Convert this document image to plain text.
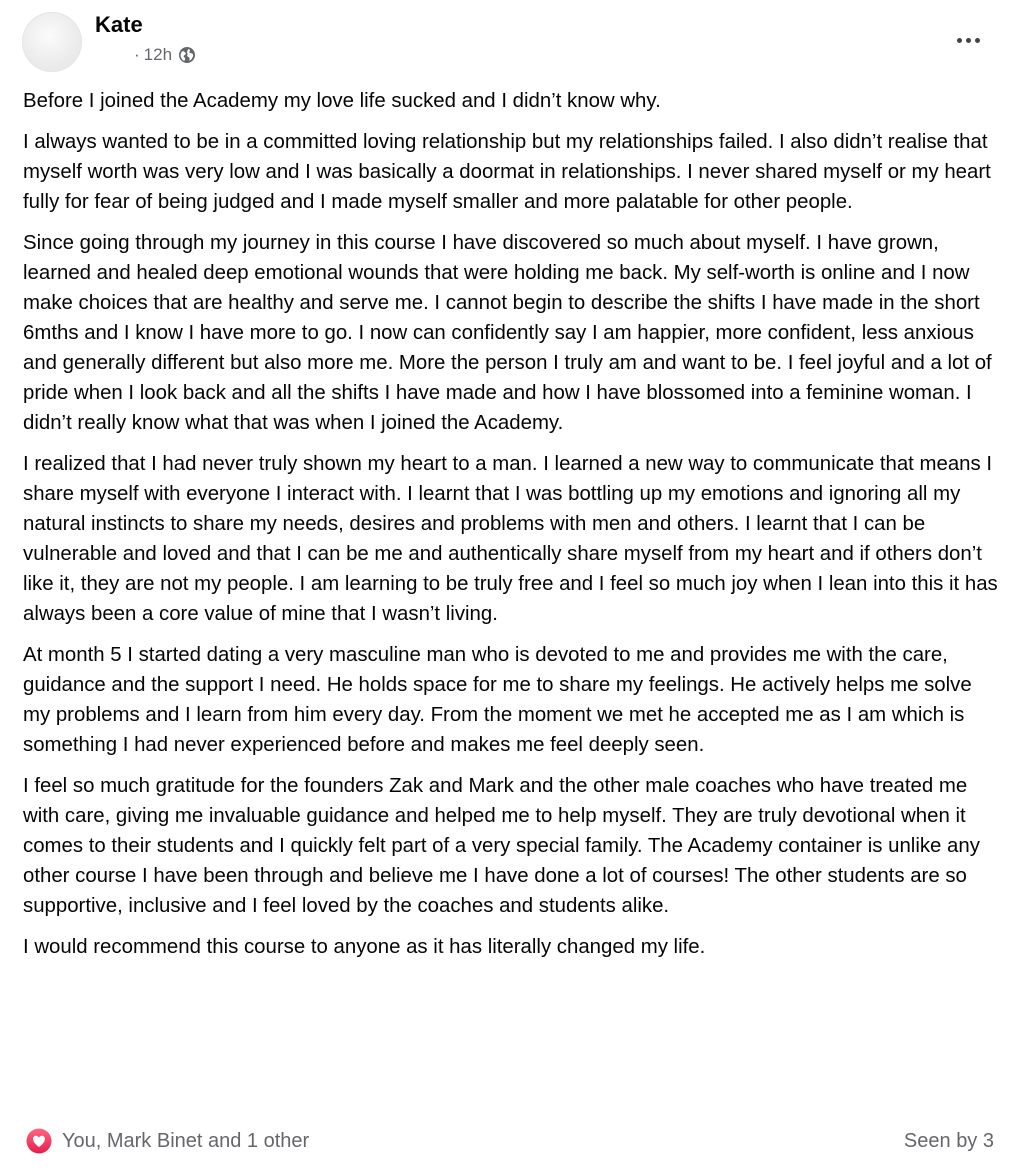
Kate
· 12h

Before I joined the Academy my love life sucked and I didn’t know why.

I always wanted to be in a committed loving relationship but my relationships failed. I also didn’t realise that myself worth was very low and I was basically a doormat in relationships. I never shared myself or my heart fully for fear of being judged and I made myself smaller and more palatable for other people.

Since going through my journey in this course I have discovered so much about myself. I have grown, learned and healed deep emotional wounds that were holding me back. My self-worth is online and I now make choices that are healthy and serve me. I cannot begin to describe the shifts I have made in the short 6mths and I know I have more to go. I now can confidently say I am happier, more confident, less anxious and generally different but also more me. More the person I truly am and want to be. I feel joyful and a lot of pride when I look back and all the shifts I have made and how I have blossomed into a feminine woman. I didn’t really know what that was when I joined the Academy.

I realized that I had never truly shown my heart to a man. I learned a new way to communicate that means I share myself with everyone I interact with. I learnt that I was bottling up my emotions and ignoring all my natural instincts to share my needs, desires and problems with men and others. I learnt that I can be vulnerable and loved and that I can be me and authentically share myself from my heart and if others don’t like it, they are not my people. I am learning to be truly free and I feel so much joy when I lean into this it has always been a core value of mine that I wasn’t living.

At month 5 I started dating a very masculine man who is devoted to me and provides me with the care, guidance and the support I need. He holds space for me to share my feelings. He actively helps me solve my problems and I learn from him every day. From the moment we met he accepted me as I am which is something I had never experienced before and makes me feel deeply seen.

I feel so much gratitude for the founders Zak and Mark and the other male coaches who have treated me with care, giving me invaluable guidance and helped me to help myself. They are truly devotional when it comes to their students and I quickly felt part of a very special family. The Academy container is unlike any other course I have been through and believe me I have done a lot of courses! The other students are so supportive, inclusive and I feel loved by the coaches and students alike.

I would recommend this course to anyone as it has literally changed my life.

You, Mark Binet and 1 other	Seen by 3
